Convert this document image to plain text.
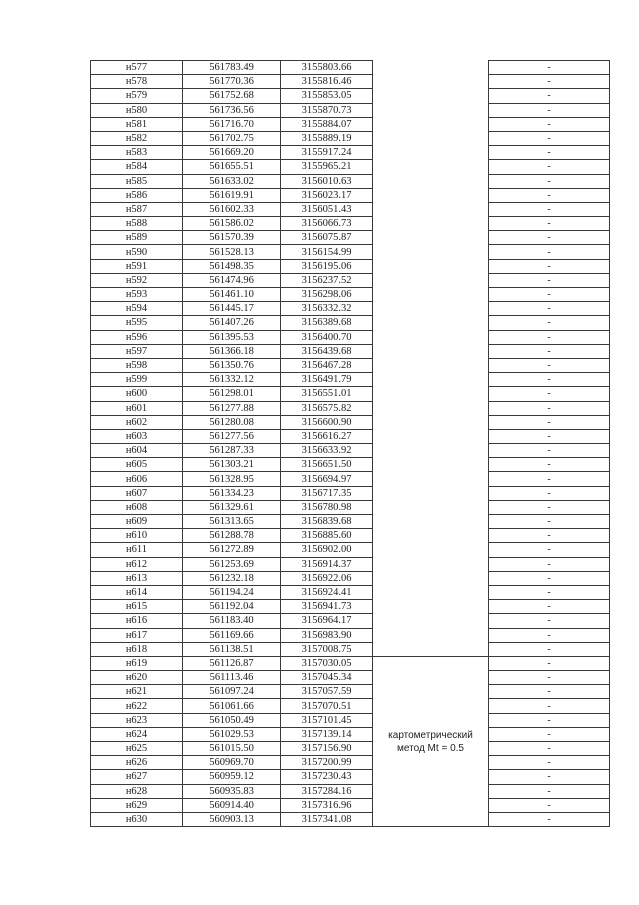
н577	561783.49	3155803.66		-
н578	561770.36	3155816.46		-
н579	561752.68	3155853.05		-
н580	561736.56	3155870.73		-
н581	561716.70	3155884.07		-
н582	561702.75	3155889.19		-
н583	561669.20	3155917.24		-
н584	561655.51	3155965.21		-
н585	561633.02	3156010.63		-
н586	561619.91	3156023.17		-
н587	561602.33	3156051.43		-
н588	561586.02	3156066.73		-
н589	561570.39	3156075.87		-
н590	561528.13	3156154.99		-
н591	561498.35	3156195.06		-
н592	561474.96	3156237.52		-
н593	561461.10	3156298.06		-
н594	561445.17	3156332.32		-
н595	561407.26	3156389.68		-
н596	561395.53	3156400.70		-
н597	561366.18	3156439.68		-
н598	561350.76	3156467.28		-
н599	561332.12	3156491.79		-
н600	561298.01	3156551.01		-
н601	561277.88	3156575.82		-
н602	561280.08	3156600.90		-
н603	561277.56	3156616.27		-
н604	561287.33	3156633.92		-
н605	561303.21	3156651.50		-
н606	561328.95	3156694.97		-
н607	561334.23	3156717.35		-
н608	561329.61	3156780.98		-
н609	561313.65	3156839.68		-
н610	561288.78	3156885.60		-
н611	561272.89	3156902.00		-
н612	561253.69	3156914.37		-
н613	561232.18	3156922.06		-
н614	561194.24	3156924.41		-
н615	561192.04	3156941.73		-
н616	561183.40	3156964.17		-
н617	561169.66	3156983.90		-
н618	561138.51	3157008.75		-
н619	561126.87	3157030.05	картометрический метод Mt = 0.5	-
н620	561113.46	3157045.34		-
н621	561097.24	3157057.59		-
н622	561061.66	3157070.51		-
н623	561050.49	3157101.45		-
н624	561029.53	3157139.14		-
н625	561015.50	3157156.90		-
н626	560969.70	3157200.99		-
н627	560959.12	3157230.43		-
н628	560935.83	3157284.16		-
н629	560914.40	3157316.96		-
н630	560903.13	3157341.08		-
